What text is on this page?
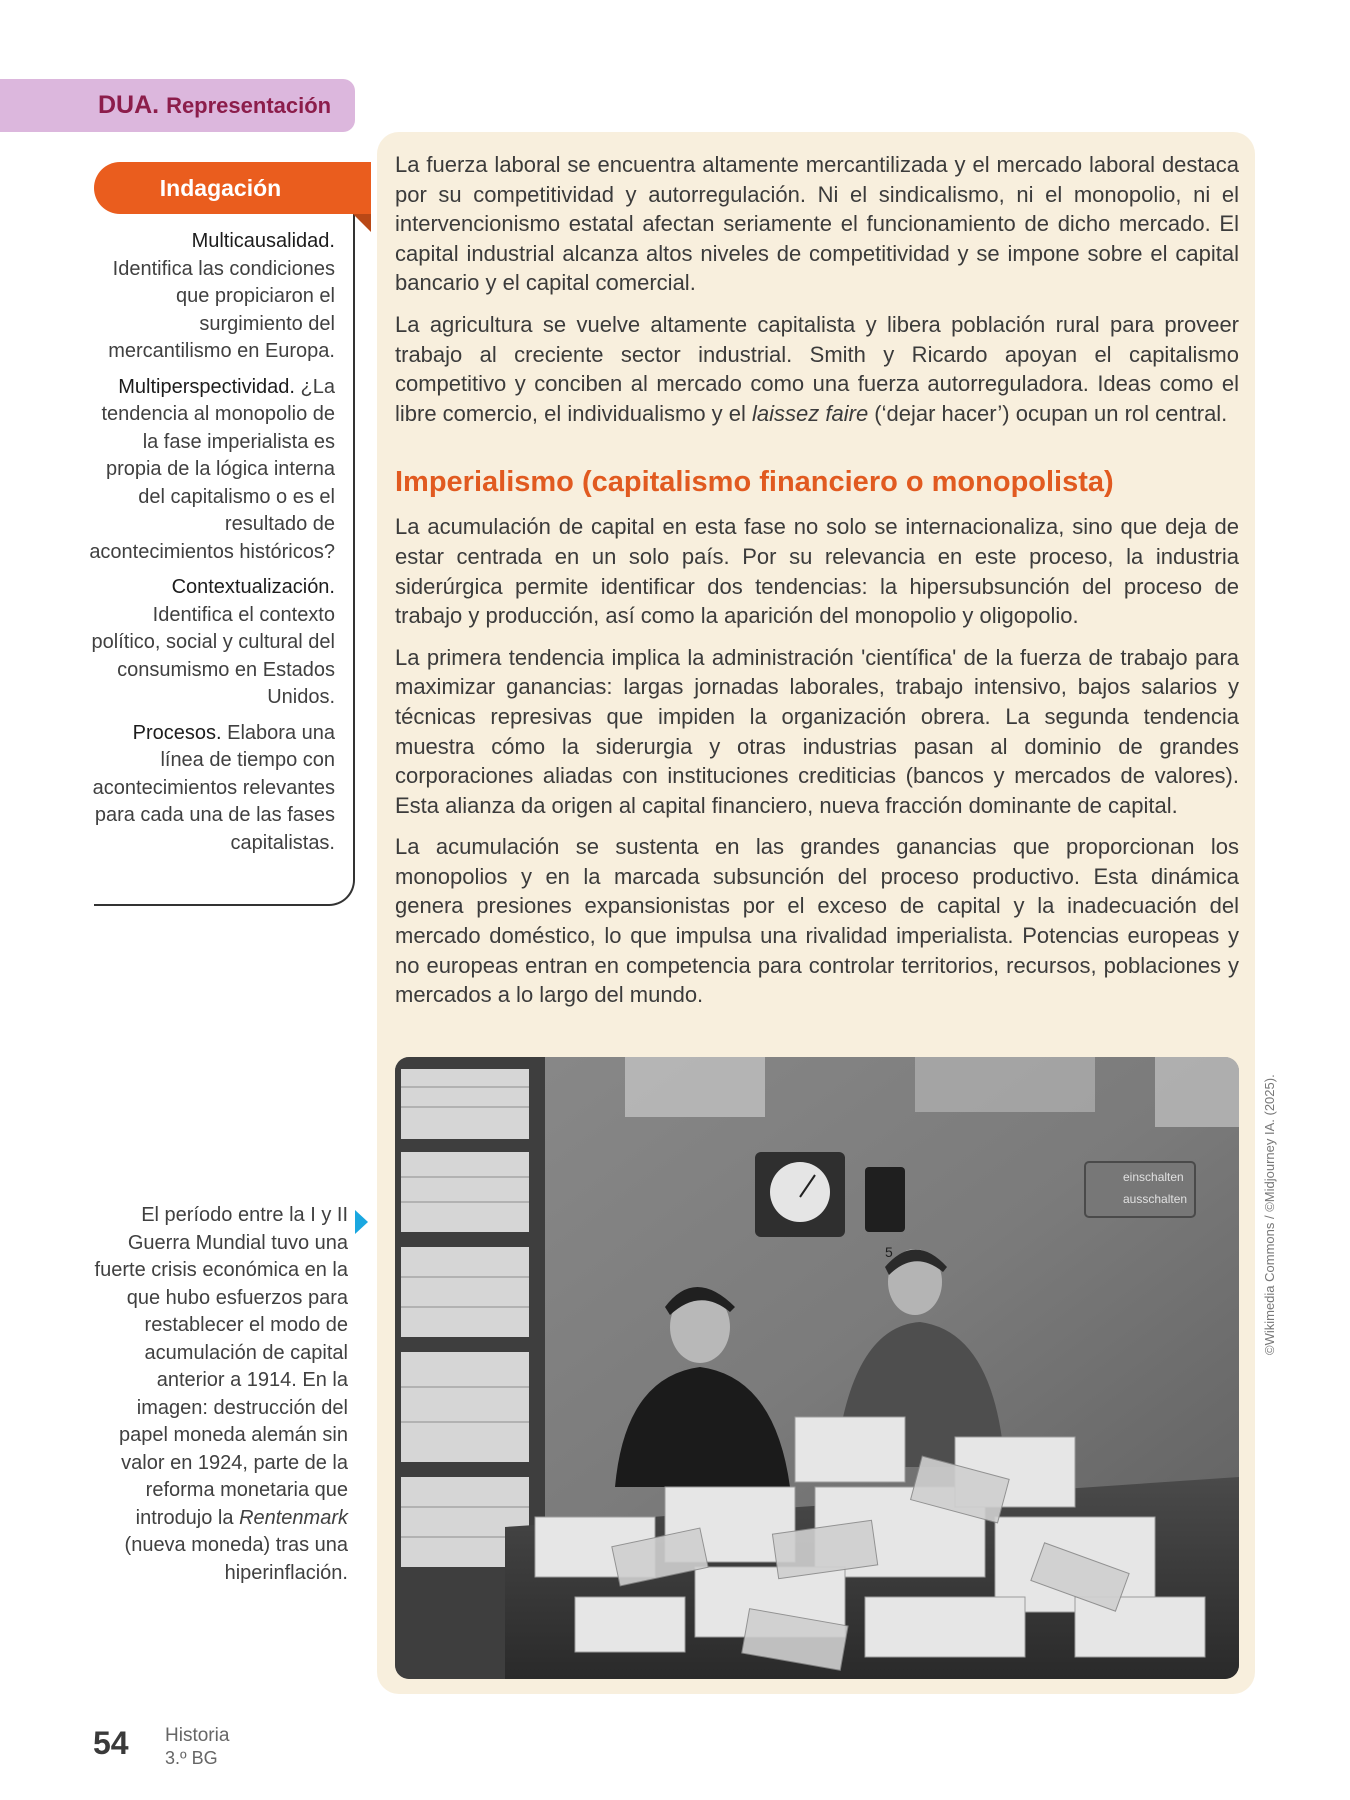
DUA. Representación
Indagación

Multicausalidad.
Identifica las condiciones que propiciaron el surgimiento del mercantilismo en Europa.

Multiperspectividad. ¿La tendencia al monopolio de la fase imperialista es propia de la lógica interna del capitalismo o es el resultado de acontecimientos históricos?

Contextualización.
Identifica el contexto político, social y cultural del consumismo en Estados Unidos.

Procesos. Elabora una línea de tiempo con acontecimientos relevantes para cada una de las fases capitalistas.

La fuerza laboral se encuentra altamente mercantilizada y el mercado laboral destaca por su competitividad y autorregulación. Ni el sindicalismo, ni el monopolio, ni el intervencionismo estatal afectan seriamente el funcionamiento de dicho mercado. El capital industrial alcanza altos niveles de competitividad y se impone sobre el capital bancario y el capital comercial.

La agricultura se vuelve altamente capitalista y libera población rural para proveer trabajo al creciente sector industrial. Smith y Ricardo apoyan el capitalismo competitivo y conciben al mercado como una fuerza autorreguladora. Ideas como el libre comercio, el individualismo y el laissez faire (‘dejar hacer’) ocupan un rol central.

Imperialismo (capitalismo financiero o monopolista)

La acumulación de capital en esta fase no solo se internacionaliza, sino que deja de estar centrada en un solo país. Por su relevancia en este proceso, la industria siderúrgica permite identificar dos tendencias: la hipersubsunción del proceso de trabajo y producción, así como la aparición del monopolio y oligopolio.

La primera tendencia implica la administración 'científica' de la fuerza de trabajo para maximizar ganancias: largas jornadas laborales, trabajo intensivo, bajos salarios y técnicas represivas que impiden la organización obrera. La segunda tendencia muestra cómo la siderurgia y otras industrias pasan al dominio de grandes corporaciones aliadas con instituciones crediticias (bancos y mercados de valores). Esta alianza da origen al capital financiero, nueva fracción dominante de capital.

La acumulación se sustenta en las grandes ganancias que proporcionan los monopolios y en la marcada subsunción del proceso productivo. Esta dinámica genera presiones expansionistas por el exceso de capital y la inadecuación del mercado doméstico, lo que impulsa una rivalidad imperialista. Potencias europeas y no europeas entran en competencia para controlar territorios, recursos, poblaciones y mercados a lo largo del mundo.

5
einschalten
ausschalten	©Wikimedia Commons / ©Midjourney IA. (2025).
El período entre la I y II Guerra Mundial tuvo una fuerte crisis económica en la que hubo esfuerzos para restablecer el modo de acumulación de capital anterior a 1914. En la imagen: destrucción del papel moneda alemán sin valor en 1924, parte de la reforma monetaria que introdujo la Rentenmark (nueva moneda) tras una hiperinflación.
54 Historia
3.º BG
